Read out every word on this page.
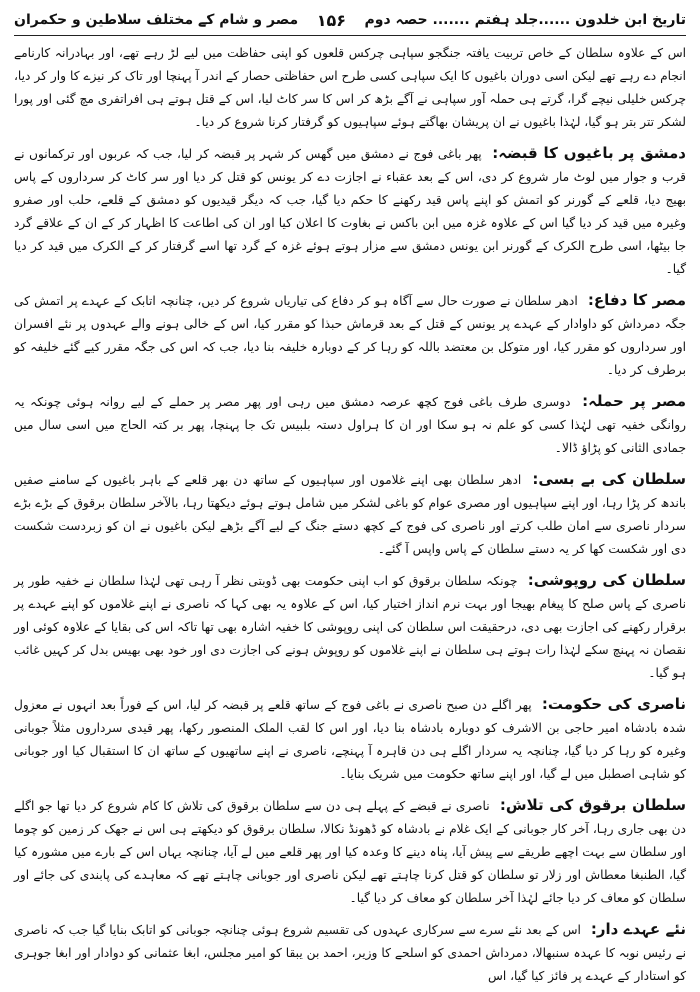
تاریخ ابن خلدون ......جلد ہفتم ....... حصہ دوم
۱۵۶
مصر و شام کے مختلف سلاطین و حکمران
اس کے علاوہ سلطان کے خاص تربیت یافتہ جنگجو سپاہی چرکس قلعوں کو اپنی حفاظت میں لیے لڑ رہے تھے، اور بہادرانہ کارنامے انجام دے رہے تھے لیکن اسی دوران باغیوں کا ایک سپاہی کسی طرح اس حفاظتی حصار کے اندر آ پہنچا اور تاک کر نیزے کا وار کر دیا، چرکس خلیلی نیچے گرا، گرتے ہی حملہ آور سپاہی نے آگے بڑھ کر اس کا سر کاٹ لیا، اس کے قتل ہوتے ہی افراتفری مچ گئی اور پورا لشکر تتر بتر ہو گیا، لہٰذا باغیوں نے ان پریشان بھاگتے ہوئے سپاہیوں کو گرفتار کرنا شروع کر دیا۔
دمشق پر باغیوں کا قبضہ: پھر باغی فوج نے دمشق میں گھس کر شہر پر قبضہ کر لیا، جب کہ عربوں اور ترکمانوں نے قرب و جوار میں لوٹ مار شروع کر دی، اس کے بعد عقباء نے اجازت دے کر یونس کو قتل کر دیا اور سر کاٹ کر سرداروں کے پاس بھیج دیا، قلعے کے گورنر کو اتمش کو اپنے پاس قید رکھنے کا حکم دیا گیا، جب کہ دیگر قیدیوں کو دمشق کے قلعے، حلب اور صفرو وغیرہ میں قید کر دیا گیا اس کے علاوہ غزہ میں ابن باکس نے بغاوت کا اعلان کیا اور ان کی اطاعت کا اظہار کر کے ان کے علاقے گرد جا بیٹھا، اسی طرح الکرک کے گورنر ابن یونس دمشق سے مزار ہوتے ہوئے غزہ کے گرد تھا اسے گرفتار کر کے الکرک میں قید کر دیا گیا۔
مصر کا دفاع: ادھر سلطان نے صورت حال سے آگاہ ہو کر دفاع کی تیاریاں شروع کر دیں، چنانچہ اتابک کے عہدے پر اتمش کی جگہ دمرداش کو داوادار کے عہدے پر یونس کے قتل کے بعد قرماش حبذا کو مقرر کیا، اس کے خالی ہونے والے عہدوں پر نئے افسران اور سرداروں کو مقرر کیا، اور متوکل بن معتضد باللہ کو رہا کر کے دوبارہ خلیفہ بنا دیا، جب کہ اس کی جگہ مقرر کیے گئے خلیفہ کو برطرف کر دیا۔
مصر پر حملہ: دوسری طرف باغی فوج کچھ عرصہ دمشق میں رہی اور پھر مصر پر حملے کے لیے روانہ ہوئی چونکہ یہ روانگی خفیہ تھی لہٰذا کسی کو علم نہ ہو سکا اور ان کا ہراول دستہ بلبیس تک جا پہنچا، پھر بر کتہ الحاج میں اسی سال میں جمادی الثانی کو پڑاؤ ڈالا۔
سلطان کی بے بسی: ادھر سلطان بھی اپنے غلاموں اور سپاہیوں کے ساتھ دن بھر قلعے کے باہر باغیوں کے سامنے صفیں باندھ کر پڑا رہا، اور اپنے سپاہیوں اور مصری عوام کو باغی لشکر میں شامل ہوتے ہوئے دیکھتا رہا، بالآخر سلطان برقوق کے بڑے بڑے سردار ناصری سے امان طلب کرتے اور ناصری کی فوج کے کچھ دستے جنگ کے لیے آگے بڑھے لیکن باغیوں نے ان کو زبردست شکست دی اور شکست کھا کر یہ دستے سلطان کے پاس واپس آ گئے۔
سلطان کی روپوشی: چونکہ سلطان برقوق کو اب اپنی حکومت بھی ڈوبتی نظر آ رہی تھی لہٰذا سلطان نے خفیہ طور پر ناصری کے پاس صلح کا پیغام بھیجا اور بہت نرم انداز اختیار کیا، اس کے علاوہ یہ بھی کہا کہ ناصری نے اپنے غلاموں کو اپنے عہدے پر برقرار رکھنے کی اجازت بھی دی، درحقیقت اس سلطان کی اپنی روپوشی کا خفیہ اشارہ بھی تھا تاکہ اس کی بقایا کے علاوہ کوئی اور نقصان نہ پہنچ سکے لہٰذا رات ہوتے ہی سلطان نے اپنے غلاموں کو روپوش ہونے کی اجازت دی اور خود بھی بھیس بدل کر کہیں غائب ہو گیا۔
ناصری کی حکومت: پھر اگلے دن صبح ناصری نے باغی فوج کے ساتھ قلعے پر قبضہ کر لیا، اس کے فوراً بعد انہوں نے معزول شدہ بادشاہ امیر حاجی بن الاشرف کو دوبارہ بادشاہ بنا دیا، اور اس کا لقب الملک المنصور رکھا، پھر قیدی سرداروں مثلاً جوبانی وغیرہ کو رہا کر دیا گیا، چنانچہ یہ سردار اگلے ہی دن قاہرہ آ پہنچے، ناصری نے اپنے ساتھیوں کے ساتھ ان کا استقبال کیا اور جوبانی کو شاہی اصطبل میں لے گیا، اور اپنے ساتھ حکومت میں شریک بنایا۔
سلطان برقوق کی تلاش: ناصری نے قبضے کے پہلے ہی دن سے سلطان برقوق کی تلاش کا کام شروع کر دیا تھا جو اگلے دن بھی جاری رہا، آخر کار جوبانی کے ایک غلام نے بادشاہ کو ڈھونڈ نکالا، سلطان برقوق کو دیکھتے ہی اس نے جھک کر زمین کو چوما اور سلطان سے بہت اچھے طریقے سے پیش آیا، پناہ دینے کا وعدہ کیا اور پھر قلعے میں لے آیا، چنانچہ یہاں اس کے بارے میں مشورہ کیا گیا، الطنبغا معطاش اور زلار تو سلطان کو قتل کرنا چاہتے تھے لیکن ناصری اور جوبانی چاہتے تھے کہ معاہدے کی پابندی کی جائے اور سلطان کو معاف کر دیا جائے لہٰذا آخر سلطان کو معاف کر دیا گیا۔
نئے عہدے دار: اس کے بعد نئے سرے سے سرکاری عہدوں کی تقسیم شروع ہوئی چنانچہ جوبانی کو اتابک بنایا گیا جب کہ ناصری نے رئیس نوبہ کا عہدہ سنبھالا، دمرداش احمدی کو اسلحے کا وزیر، احمد بن یبقا کو امیر مجلس، ابغا عثمانی کو دوادار اور ابغا جوہری کو استادار کے عہدے پر فائز کیا گیا، اس
